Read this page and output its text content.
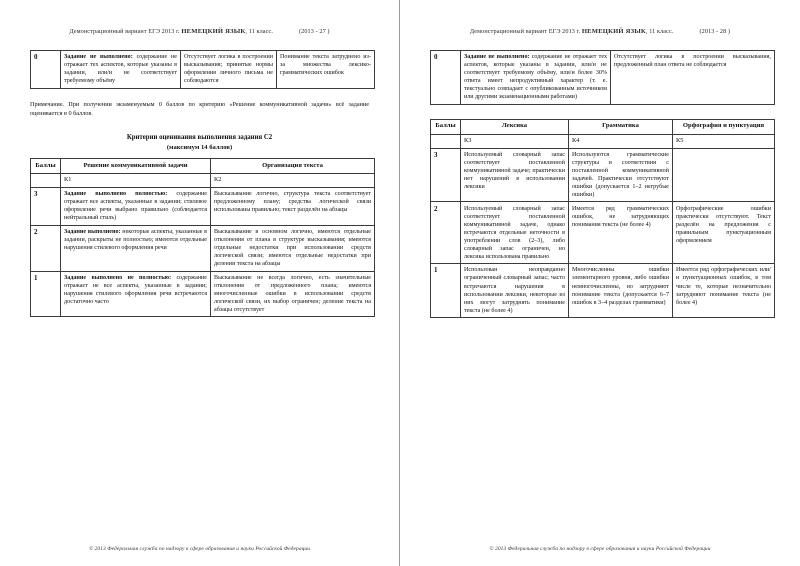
Демонстрационный вариант ЕГЭ 2013 г. НЕМЕЦКИЙ ЯЗЫК, 11 класс.	(2013 - 27 )
0	Задание не выполнено: содержание не отражает тех аспектов, которые указаны в задании, или/и не соответствует требуемому объёму	Отсутствует логика в построении высказывания; принятые нормы оформления личного письма не соблюдаются	Понимание текста затруднено из-за множества лексико-грамматических ошибок
Примечание. При получении экзаменуемым 0 баллов по критерию «Решение коммуникативной задачи» всё задание оценивается в 0 баллов.
Критерии оценивания выполнения задания С2
(максимум 14 баллов)
Баллы	Решение коммуникативной задачи	Организация текста
	К1	К2
3	Задание выполнено полностью: содержание отражает все аспекты, указанные в задании; стилевое оформление речи выбрано правильно (соблюдается нейтральный стиль)	Высказывание логично, структура текста соответствует предложенному плану; средства логической связи использованы правильно; текст разделён на абзацы
2	Задание выполнено: некоторые аспекты, указанные в задании, раскрыты не полностью; имеются отдельные нарушения стилевого оформления речи	Высказывание в основном логично, имеются отдельные отклонения от плана в структуре высказывания; имеются отдельные недостатки при использовании средств логической связи; имеются отдельные недостатки при делении текста на абзацы
1	Задание выполнено не полностью: содержание отражает не все аспекты, указанные в задании; нарушения стилевого оформления речи встречаются достаточно часто	Высказывание не всегда логично, есть значительные отклонения от предложенного плана; имеются многочисленные ошибки в использовании средств логической связи, их выбор ограничен; деление текста на абзацы отсутствует
© 2013 Федеральная служба по надзору в сфере образования и науки Российской Федерации
Демонстрационный вариант ЕГЭ 2013 г. НЕМЕЦКИЙ ЯЗЫК, 11 класс.	(2013 - 28 )
0	Задание не выполнено: содержание не отражает тех аспектов, которые указаны в задании, или/и не соответствует требуемому объёму, или/и более 30% ответа имеет непродуктивный характер (т. е. текстуально совпадает с опубликованным источником или другими экзаменационными работами)	Отсутствует логика в построении высказывания, предложенный план ответа не соблюдается
Баллы	Лексика	Грамматика	Орфография и пунктуация
	К3	К4	К5
3	Используемый словарный запас соответствует поставленной коммуникативной задаче; практически нет нарушений в использовании лексики	Используются грамматические структуры в соответствии с поставленной коммуникативной задачей. Практически отсутствуют ошибки (допускается 1–2 негрубые ошибки)	
2	Используемый словарный запас соответствует поставленной коммуникативной задаче, однако встречаются отдельные неточности в употреблении слов (2–3), либо словарный запас ограничен, но лексика использована правильно	Имеется ряд грамматических ошибок, не затрудняющих понимания текста (не более 4)	Орфографические ошибки практически отсутствуют. Текст разделён на предложения с правильным пунктуационным оформлением
1	Использован неоправданно ограниченный словарный запас; часто встречаются нарушения в использовании лексики, некоторые из них могут затруднять понимание текста (не более 4)	Многочисленны ошибки элементарного уровня, либо ошибки немногочисленны, но затрудняют понимание текста (допускается 6–7 ошибок в 3–4 разделах грамматики)	Имеется ряд орфографических или/и пунктуационных ошибок, в том числе те, которые незначительно затрудняют понимание текста (не более 4)
© 2013 Федеральная служба по надзору в сфере образования и науки Российской Федерации
